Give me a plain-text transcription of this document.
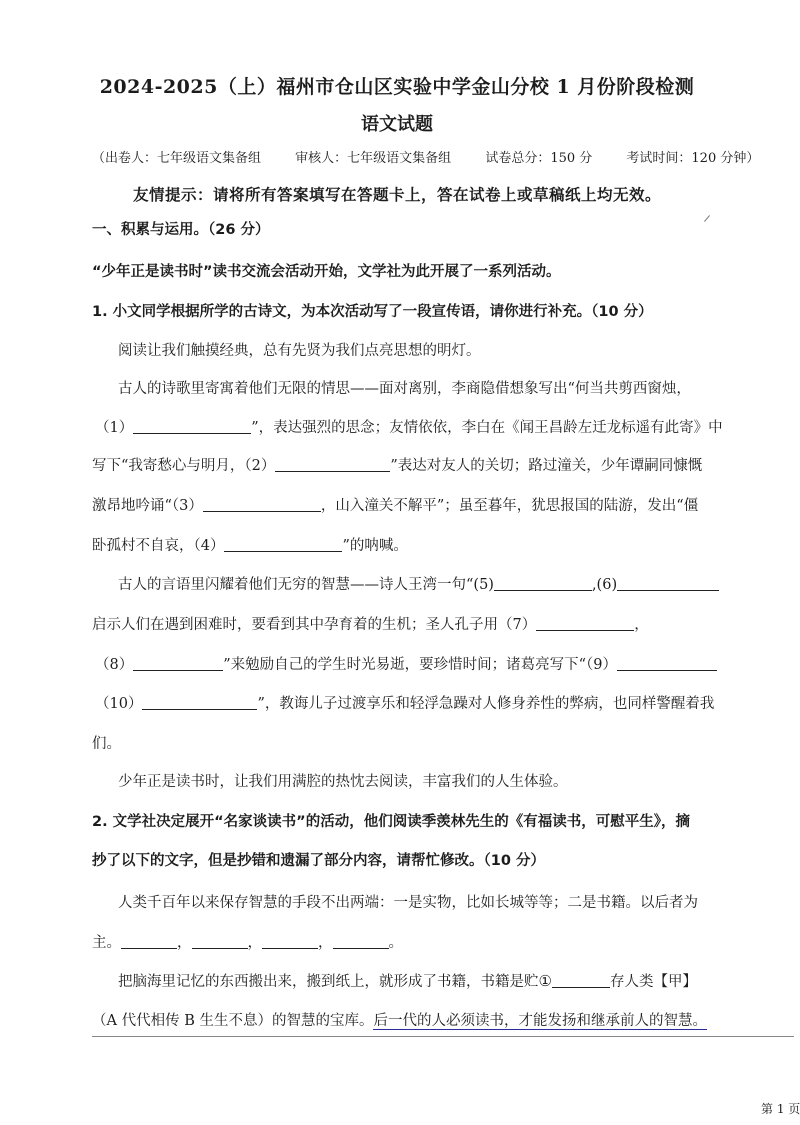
2024-2025（上）福州市仓山区实验中学金山分校 1 月份阶段检测
语文试题
（出卷人：七年级语文集备组	审核人：七年级语文集备组	试卷总分：150 分	考试时间：120 分钟）
友情提示：请将所有答案填写在答题卡上，答在试卷上或草稿纸上均无效。
一、积累与运用。（26 分）
“少年正是读书时”读书交流会活动开始，文学社为此开展了一系列活动。
1. 小文同学根据所学的古诗文，为本次活动写了一段宣传语，请你进行补充。（10 分）
阅读让我们触摸经典，总有先贤为我们点亮思想的明灯。
古人的诗歌里寄寓着他们无限的情思——面对离别，李商隐借想象写出“何当共剪西窗烛，
（1）	”，表达强烈的思念；友情依依，李白在《闻王昌龄左迁龙标遥有此寄》中
写下“我寄愁心与明月，（2）	”表达对友人的关切；路过潼关，少年谭嗣同慷慨
激昂地吟诵“（3）	，山入潼关不解平”；虽至暮年，犹思报国的陆游，发出“僵
卧孤村不自哀，（4）	”的呐喊。
古人的言语里闪耀着他们无穷的智慧——诗人王湾一句“(5)	,(6)
启示人们在遇到困难时，要看到其中孕育着的生机；圣人孔子用（7）	，
（8）	”来勉励自己的学生时光易逝，要珍惜时间；诸葛亮写下“（9）
（10）	”，教诲儿子过渡享乐和轻浮急躁对人修身养性的弊病，也同样警醒着我
们。
少年正是读书时，让我们用满腔的热忱去阅读，丰富我们的人生体验。
2. 文学社决定展开“名家谈读书”的活动，他们阅读季羡林先生的《有福读书，可慰平生》，摘
抄了以下的文字，但是抄错和遗漏了部分内容，请帮忙修改。（10 分）
人类千百年以来保存智慧的手段不出两端：一是实物，比如长城等等；二是书籍。以后者为
主。	，	，	，	。
把脑海里记忆的东西搬出来，搬到纸上，就形成了书籍，书籍是贮①	存人类【甲】
（A 代代相传 B 生生不息）的智慧的宝库。后一代的人必须读书，才能发扬和继承前人的智慧。
第 1 页
